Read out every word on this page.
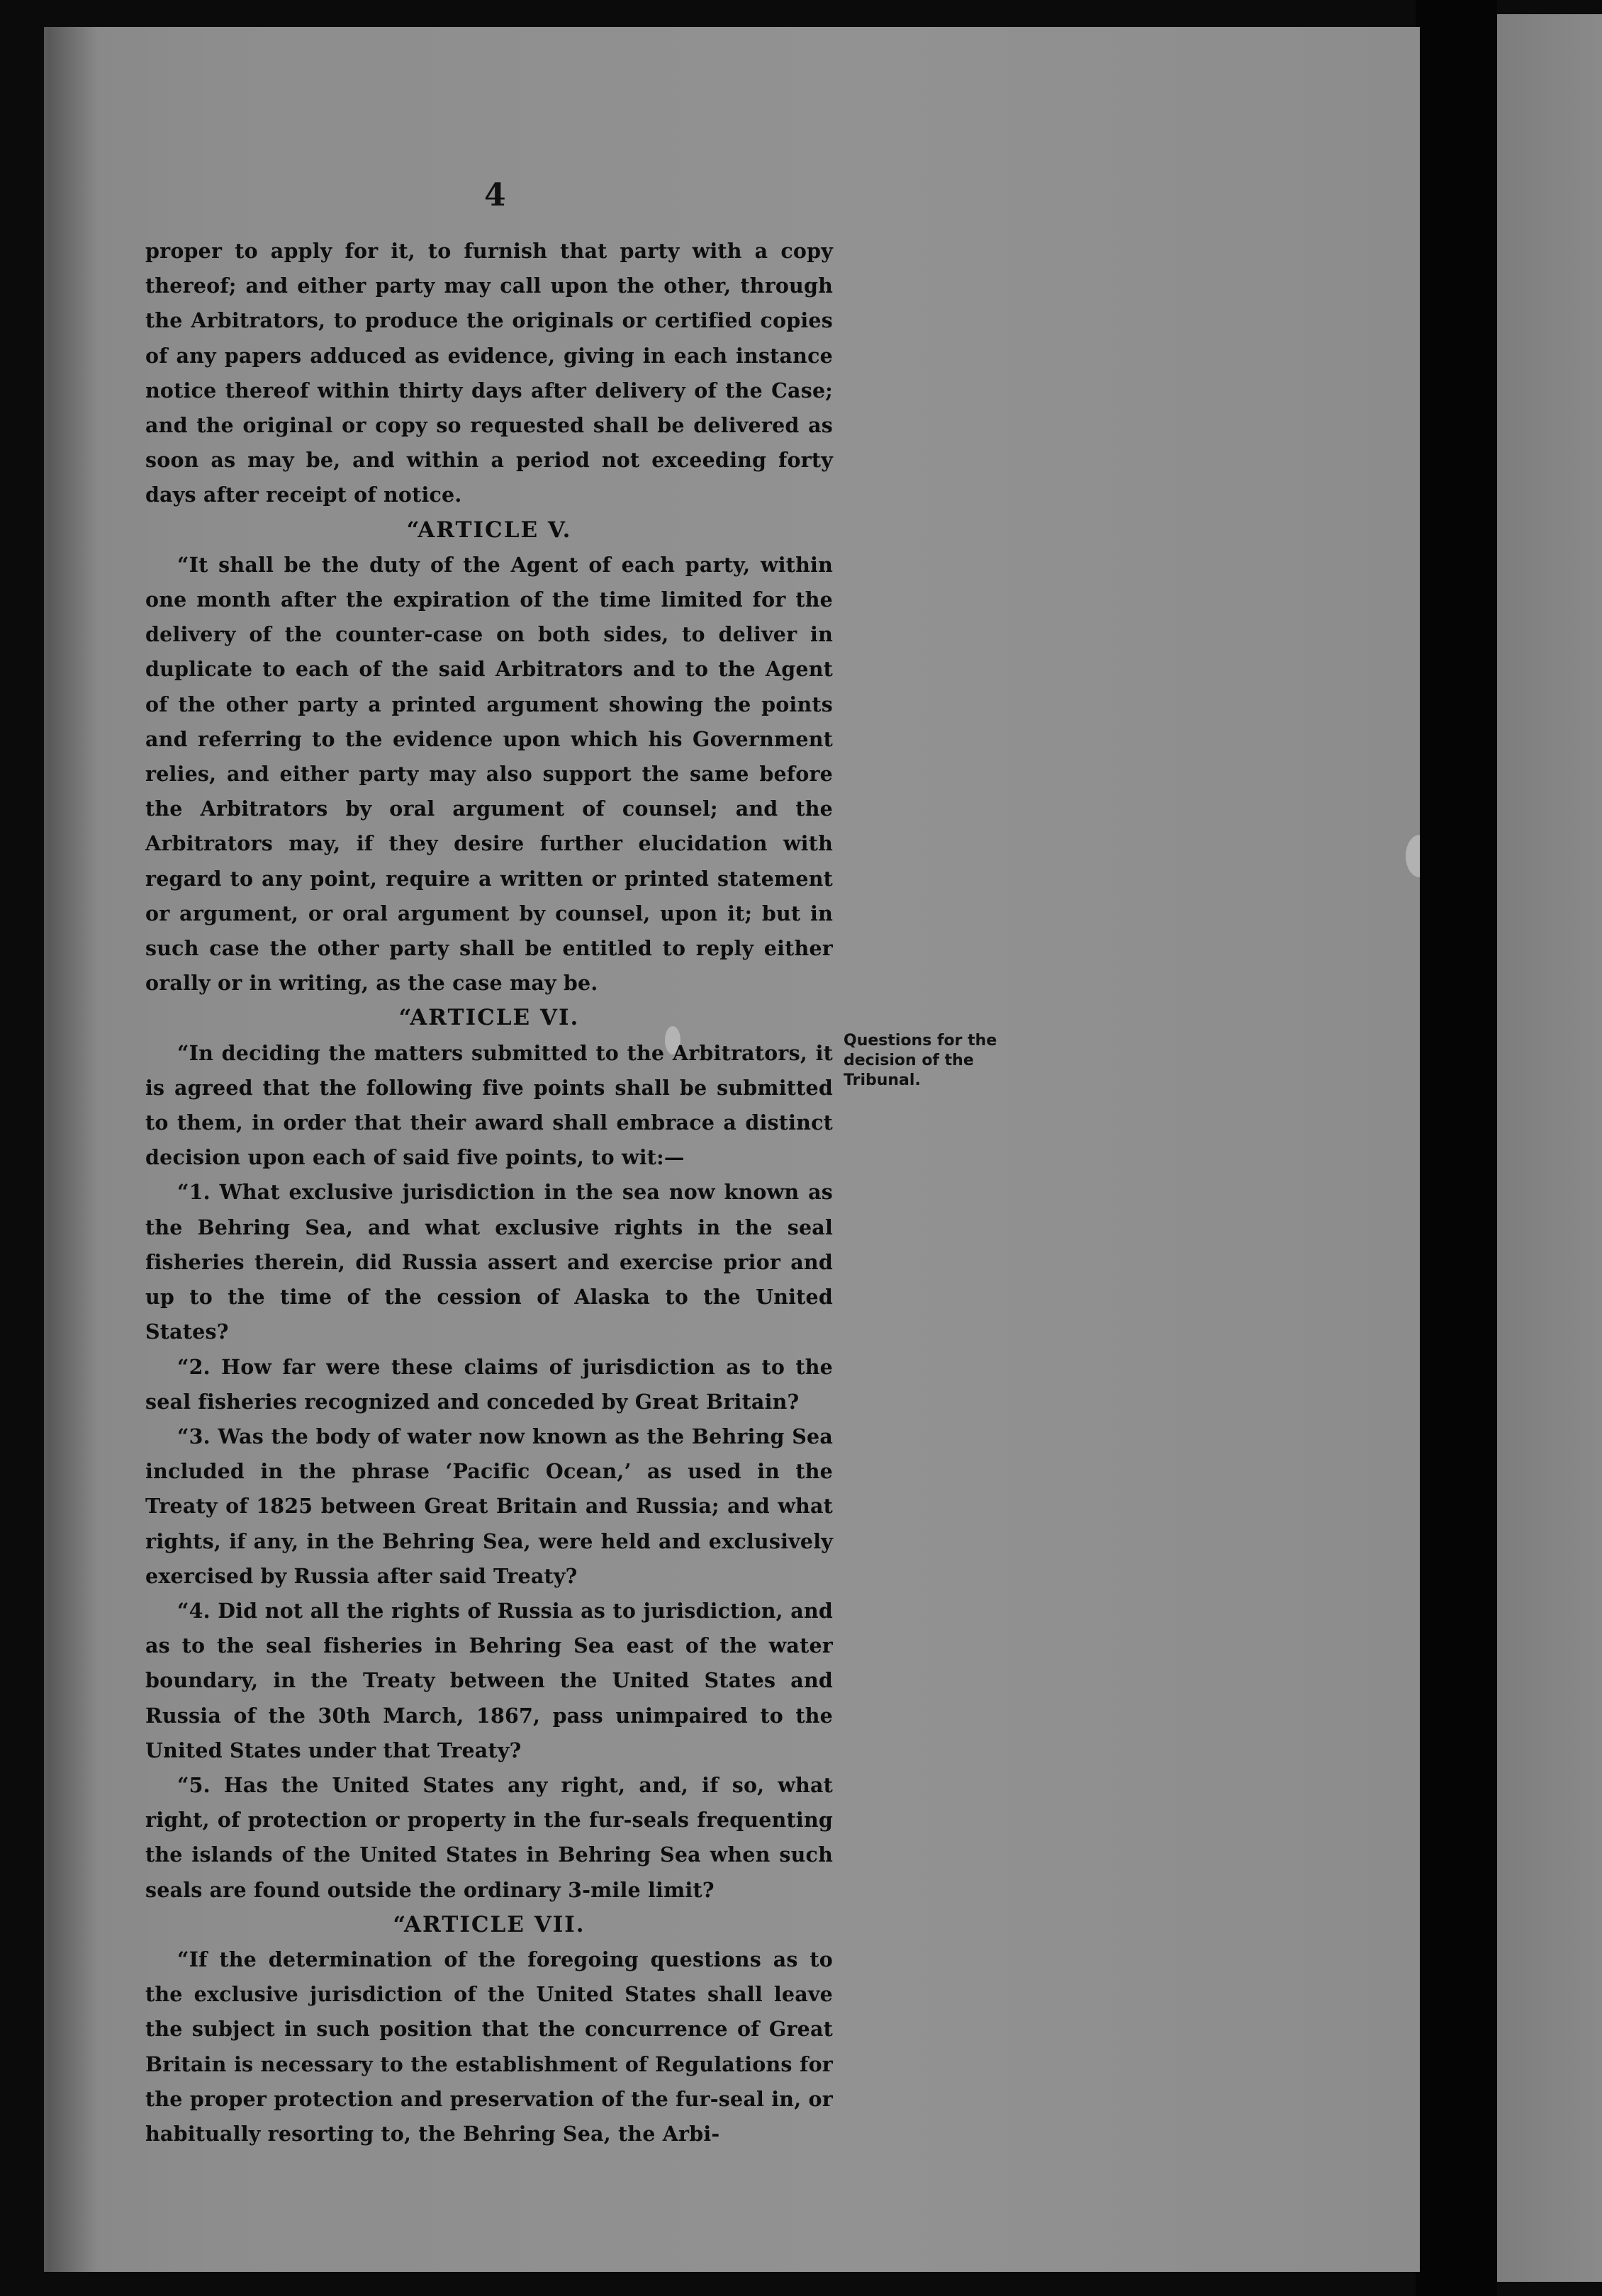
4

proper to apply for it, to furnish that party with a copy thereof; and either party may call upon the other, through the Arbitrators, to produce the originals or certified copies of any papers adduced as evidence, giving in each instance notice thereof within thirty days after delivery of the Case; and the original or copy so requested shall be delivered as soon as may be, and within a period not exceeding forty days after receipt of notice.

“ARTICLE V.

“It shall be the duty of the Agent of each party, within one month after the expiration of the time limited for the delivery of the counter-case on both sides, to deliver in duplicate to each of the said Arbitrators and to the Agent of the other party a printed argument showing the points and referring to the evidence upon which his Government relies, and either party may also support the same before the Arbitrators by oral argument of counsel; and the Arbitrators may, if they desire further elucidation with regard to any point, require a written or printed statement or argument, or oral argument by counsel, upon it; but in such case the other party shall be entitled to reply either orally or in writing, as the case may be.

“ARTICLE VI.

“In deciding the matters submitted to the Arbitrators, it is agreed that the following five points shall be submitted to them, in order that their award shall embrace a distinct decision upon each of said five points, to wit:—

“1. What exclusive jurisdiction in the sea now known as the Behring Sea, and what exclusive rights in the seal fisheries therein, did Russia assert and exercise prior and up to the time of the cession of Alaska to the United States?

“2. How far were these claims of jurisdiction as to the seal fisheries recognized and conceded by Great Britain?

“3. Was the body of water now known as the Behring Sea included in the phrase ‘Pacific Ocean,’ as used in the Treaty of 1825 between Great Britain and Russia; and what rights, if any, in the Behring Sea, were held and exclusively exercised by Russia after said Treaty?

“4. Did not all the rights of Russia as to jurisdiction, and as to the seal fisheries in Behring Sea east of the water boundary, in the Treaty between the United States and Russia of the 30th March, 1867, pass unimpaired to the United States under that Treaty?

“5. Has the United States any right, and, if so, what right, of protection or property in the fur-seals frequenting the islands of the United States in Behring Sea when such seals are found outside the ordinary 3-mile limit?

“ARTICLE VII.

“If the determination of the foregoing questions as to the exclusive jurisdiction of the United States shall leave the subject in such position that the concurrence of Great Britain is necessary to the establishment of Regulations for the proper protection and preservation of the fur-seal in, or habitually resorting to, the Behring Sea, the Arbi-

Questions for the decision of the Tribunal.
